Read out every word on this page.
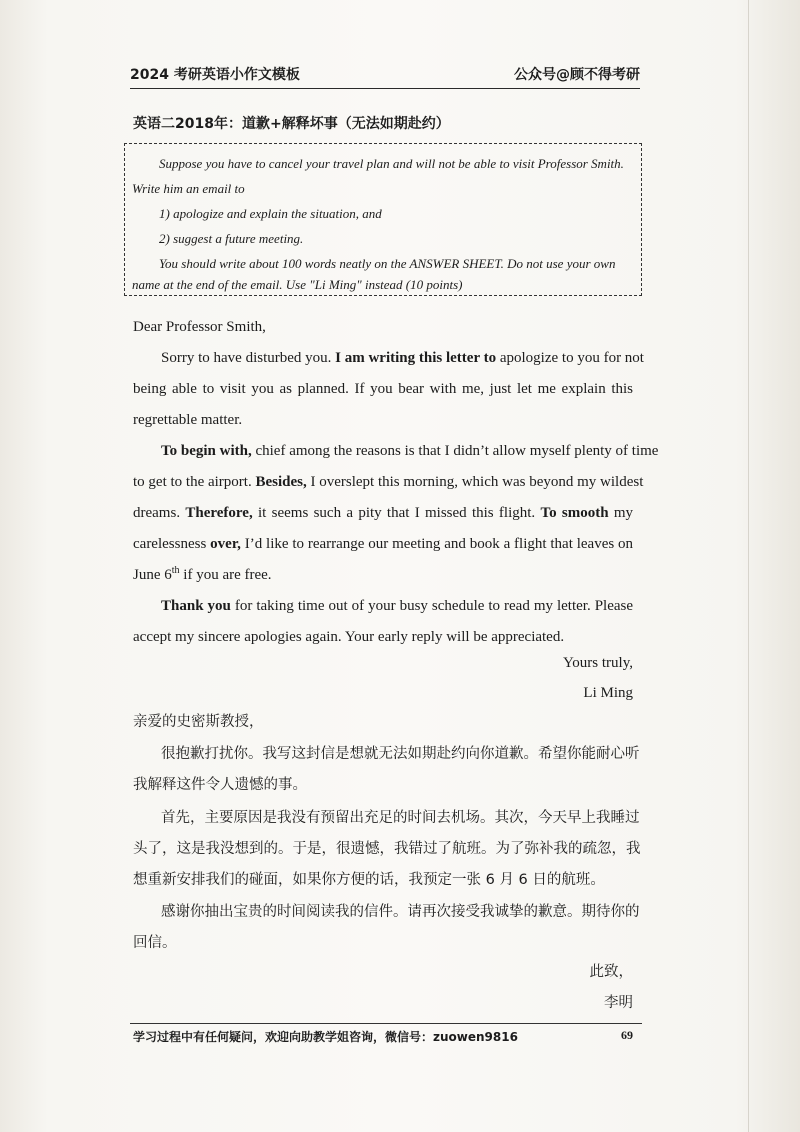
2024 考研英语小作文模板	公众号@顾不得考研
英语二2018年：道歉+解释坏事（无法如期赴约）
Suppose you have to cancel your travel plan and will not be able to visit Professor Smith.
Write him an email to
1) apologize and explain the situation, and
2) suggest a future meeting.
You should write about 100 words neatly on the ANSWER SHEET. Do not use your own
name at the end of the email. Use "Li Ming" instead (10 points)
Dear Professor Smith,
Sorry to have disturbed you. I am writing this letter to apologize to you for not
being able to visit you as planned. If you bear with me, just let me explain this
regrettable matter.
To begin with, chief among the reasons is that I didn’t allow myself plenty of time
to get to the airport. Besides, I overslept this morning, which was beyond my wildest
dreams. Therefore, it seems such a pity that I missed this flight. To smooth my
carelessness over, I’d like to rearrange our meeting and book a flight that leaves on
June 6th if you are free.
Thank you for taking time out of your busy schedule to read my letter. Please
accept my sincere apologies again. Your early reply will be appreciated.
Yours truly,
Li Ming
亲爱的史密斯教授，
很抱歉打扰你。我写这封信是想就无法如期赴约向你道歉。希望你能耐心听
我解释这件令人遗憾的事。
首先，主要原因是我没有预留出充足的时间去机场。其次，今天早上我睡过
头了，这是我没想到的。于是，很遗憾，我错过了航班。为了弥补我的疏忽，我
想重新安排我们的碰面，如果你方便的话，我预定一张 6 月 6 日的航班。
感谢你抽出宝贵的时间阅读我的信件。请再次接受我诚挚的歉意。期待你的
回信。
此致，
李明
学习过程中有任何疑问，欢迎向助教学姐咨询，微信号：zuowen9816	69
